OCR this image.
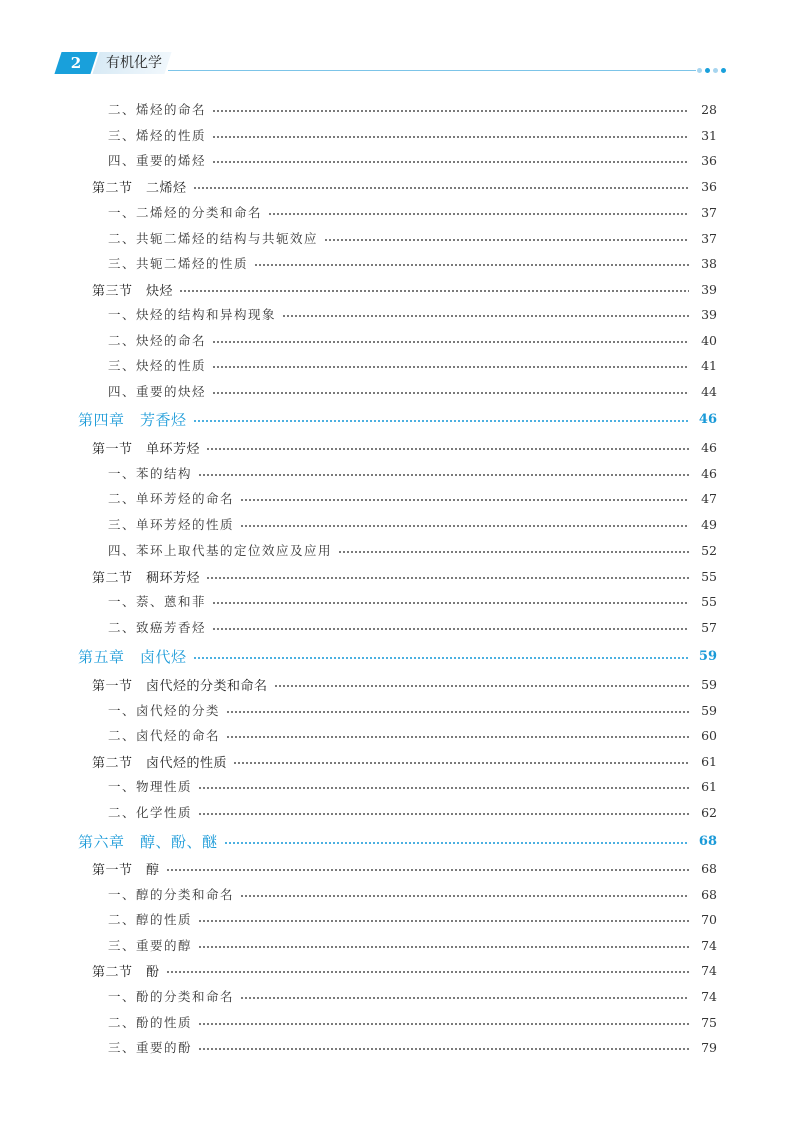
2	有机化学
二、烯烃的命名	28
三、烯烃的性质	31
四、重要的烯烃	36
第二节　二烯烃	36
一、二烯烃的分类和命名	37
二、共轭二烯烃的结构与共轭效应	37
三、共轭二烯烃的性质	38
第三节　炔烃	39
一、炔烃的结构和异构现象	39
二、炔烃的命名	40
三、炔烃的性质	41
四、重要的炔烃	44
第四章　芳香烃	46
第一节　单环芳烃	46
一、苯的结构	46
二、单环芳烃的命名	47
三、单环芳烃的性质	49
四、苯环上取代基的定位效应及应用	52
第二节　稠环芳烃	55
一、萘、蒽和菲	55
二、致癌芳香烃	57
第五章　卤代烃	59
第一节　卤代烃的分类和命名	59
一、卤代烃的分类	59
二、卤代烃的命名	60
第二节　卤代烃的性质	61
一、物理性质	61
二、化学性质	62
第六章　醇、酚、醚	68
第一节　醇	68
一、醇的分类和命名	68
二、醇的性质	70
三、重要的醇	74
第二节　酚	74
一、酚的分类和命名	74
二、酚的性质	75
三、重要的酚	79
